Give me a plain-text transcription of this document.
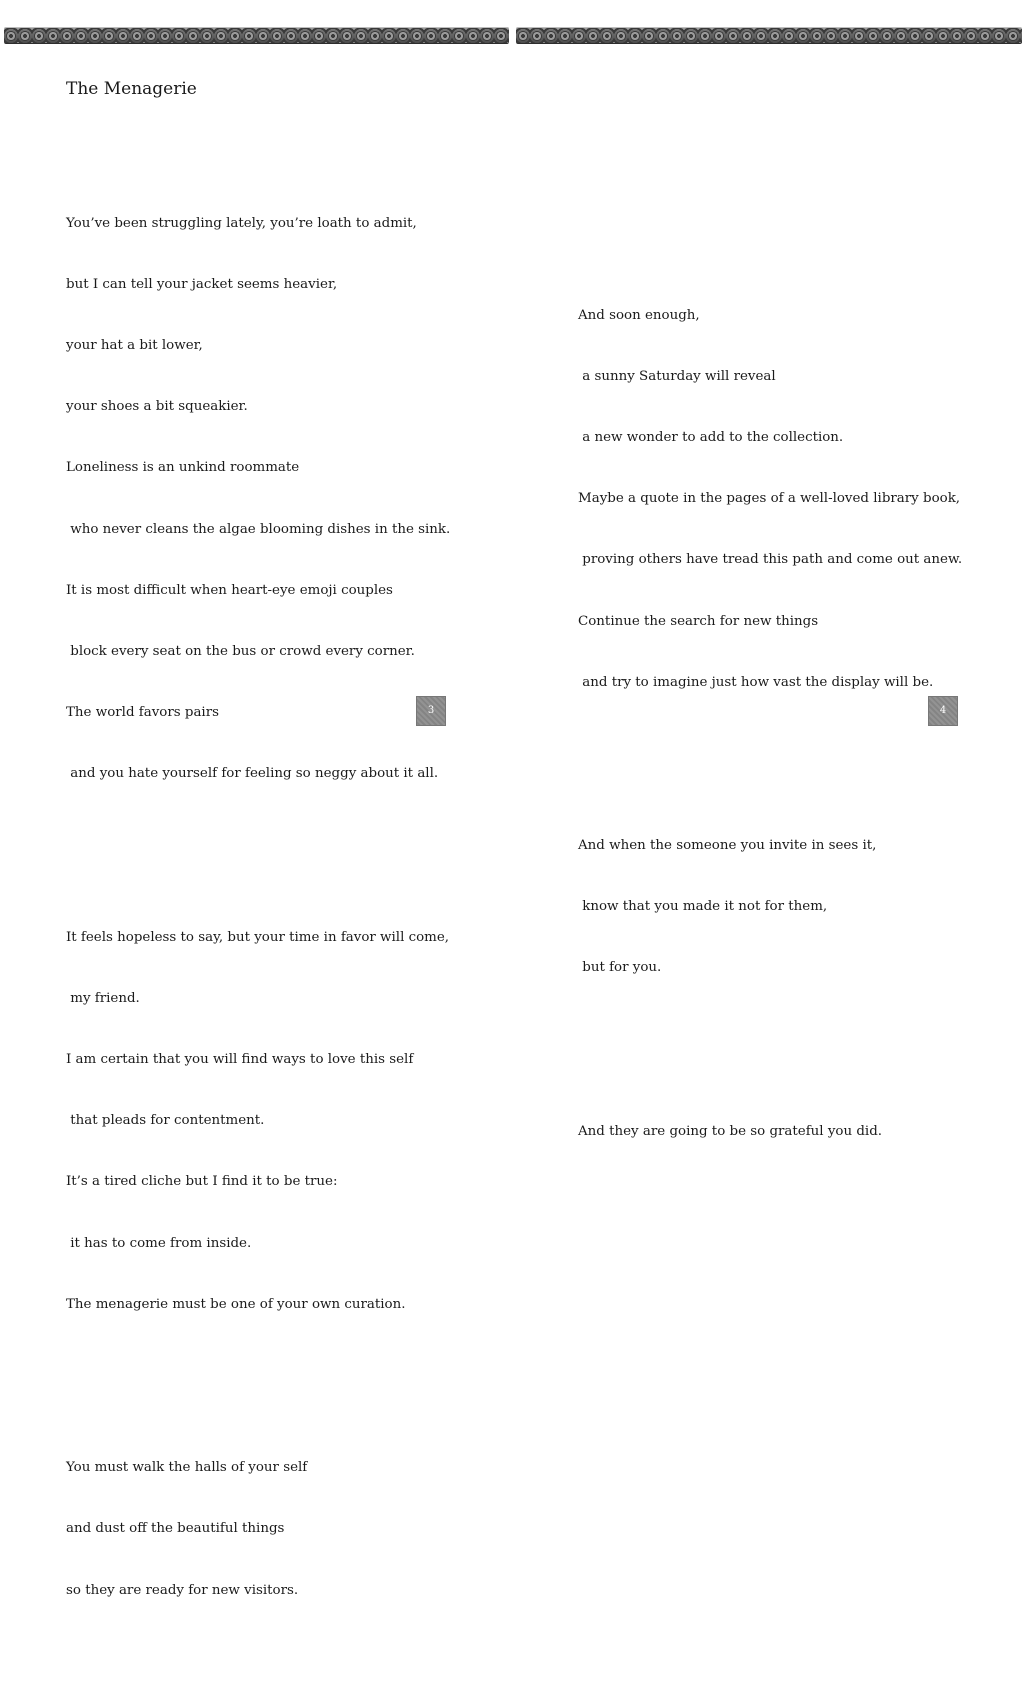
The Menagerie

You’ve been struggling lately, you’re loath to admit,

but I can tell your jacket seems heavier,

your hat a bit lower,

your shoes a bit squeakier.

Loneliness is an unkind roommate

who never cleans the algae blooming dishes in the sink.

It is most difficult when heart-eye emoji couples

block every seat on the bus or crowd every corner.

The world favors pairs

and you hate yourself for feeling so neggy about it all.

It feels hopeless to say, but your time in favor will come,

my friend.

I am certain that you will find ways to love this self

that pleads for contentment.

It’s a tired cliche but I find it to be true:

it has to come from inside.

The menagerie must be one of your own curation.

You must walk the halls of your self

and dust off the beautiful things

so they are ready for new visitors.

3

And soon enough,

a sunny Saturday will reveal

a new wonder to add to the collection.

Maybe a quote in the pages of a well-loved library book,

proving others have tread this path and come out anew.

Continue the search for new things

and try to imagine just how vast the display will be.

And when the someone you invite in sees it,

know that you made it not for them,

but for you.

And they are going to be so grateful you did.

4
